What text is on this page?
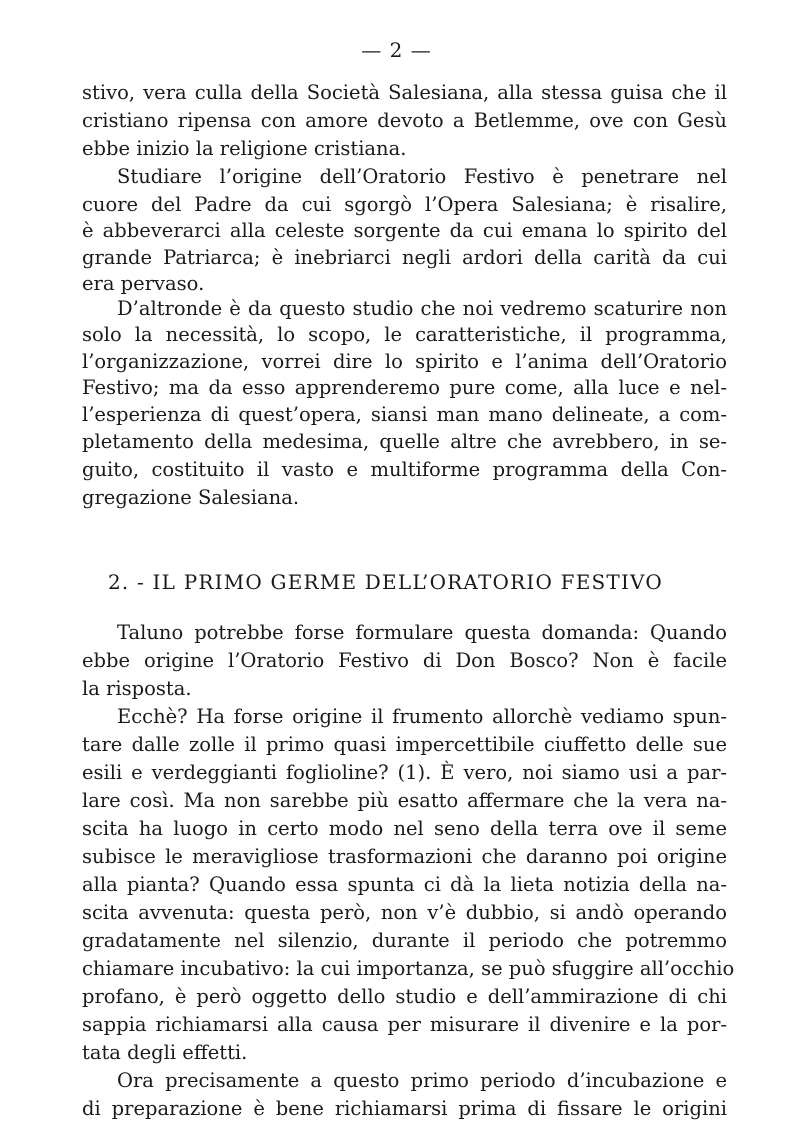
— 2 —
stivo, vera culla della Società Salesiana, alla stessa guisa che il
cristiano ripensa con amore devoto a Betlemme, ove con Gesù
ebbe inizio la religione cristiana.
Studiare l’origine dell’Oratorio Festivo è penetrare nel
cuore del Padre da cui sgorgò l’Opera Salesiana; è risalire,
è abbeverarci alla celeste sorgente da cui emana lo spirito del
grande Patriarca; è inebriarci negli ardori della carità da cui
era pervaso.
D’altronde è da questo studio che noi vedremo scaturire non
solo la necessità, lo scopo, le caratteristiche, il programma,
l’organizzazione, vorrei dire lo spirito e l’anima dell’Oratorio
Festivo; ma da esso apprenderemo pure come, alla luce e nel-
l’esperienza di quest’opera, siansi man mano delineate, a com-
pletamento della medesima, quelle altre che avrebbero, in se-
guito, costituito il vasto e multiforme programma della Con-
gregazione Salesiana.
2. - IL PRIMO GERME DELL’ORATORIO FESTIVO
Taluno potrebbe forse formulare questa domanda: Quando
ebbe origine l’Oratorio Festivo di Don Bosco? Non è facile
la risposta.
Ecchè? Ha forse origine il frumento allorchè vediamo spun-
tare dalle zolle il primo quasi impercettibile ciuffetto delle sue
esili e verdeggianti foglioline? (1). È vero, noi siamo usi a par-
lare così. Ma non sarebbe più esatto affermare che la vera na-
scita ha luogo in certo modo nel seno della terra ove il seme
subisce le meravigliose trasformazioni che daranno poi origine
alla pianta? Quando essa spunta ci dà la lieta notizia della na-
scita avvenuta: questa però, non v’è dubbio, si andò operando
gradatamente nel silenzio, durante il periodo che potremmo
chiamare incubativo: la cui importanza, se può sfuggire all’occhio
profano, è però oggetto dello studio e dell’ammirazione di chi
sappia richiamarsi alla causa per misurare il divenire e la por-
tata degli effetti.
Ora precisamente a questo primo periodo d’incubazione e
di preparazione è bene richiamarsi prima di fissare le origini
